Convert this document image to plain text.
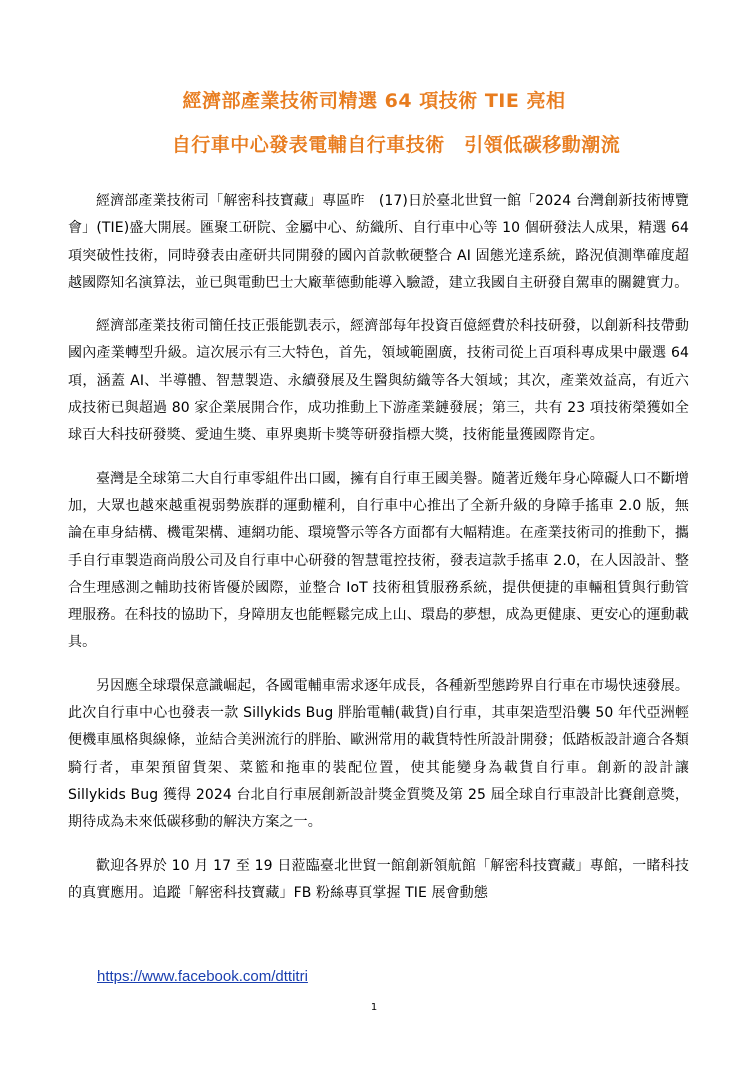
經濟部產業技術司精選 64 項技術 TIE 亮相
自行車中心發表電輔自行車技術　引領低碳移動潮流

經濟部產業技術司「解密科技寶藏」專區昨　(17)日於臺北世貿一館「2024 台灣創新技術博覽會」(TIE)盛大開展。匯聚工研院、金屬中心、紡織所、自行車中心等 10 個研發法人成果，精選 64 項突破性技術，同時發表由產研共同開發的國內首款軟硬整合 AI 固態光達系統，路況偵測準確度超越國際知名演算法，並已與電動巴士大廠華德動能導入驗證，建立我國自主研發自駕車的關鍵實力。

經濟部產業技術司簡任技正張能凱表示，經濟部每年投資百億經費於科技研發，以創新科技帶動國內產業轉型升級。這次展示有三大特色，首先，領域範圍廣，技術司從上百項科專成果中嚴選 64 項，涵蓋 AI、半導體、智慧製造、永續發展及生醫與紡織等各大領域；其次，產業效益高，有近六成技術已與超過 80 家企業展開合作，成功推動上下游產業鏈發展；第三，共有 23 項技術榮獲如全球百大科技研發獎、愛迪生獎、車界奧斯卡獎等研發指標大獎，技術能量獲國際肯定。

臺灣是全球第二大自行車零組件出口國，擁有自行車王國美譽。隨著近幾年身心障礙人口不斷增加，大眾也越來越重視弱勢族群的運動權利，自行車中心推出了全新升級的身障手搖車 2.0 版，無論在車身結構、機電架構、連網功能、環境警示等各方面都有大幅精進。在產業技術司的推動下，攜手自行車製造商尚殷公司及自行車中心研發的智慧電控技術，發表這款手搖車 2.0，在人因設計、整合生理感測之輔助技術皆優於國際，並整合 IoT 技術租賃服務系統，提供便捷的車輛租賃與行動管理服務。在科技的協助下，身障朋友也能輕鬆完成上山、環島的夢想，成為更健康、更安心的運動載具。

另因應全球環保意識崛起，各國電輔車需求逐年成長，各種新型態跨界自行車在市場快速發展。此次自行車中心也發表一款 Sillykids Bug 胖胎電輔(載貨)自行車，其車架造型沿襲 50 年代亞洲輕便機車風格與線條，並結合美洲流行的胖胎、歐洲常用的載貨特性所設計開發；低踏板設計適合各類騎行者，車架預留貨架、菜籃和拖車的裝配位置，使其能變身為載貨自行車。創新的設計讓 Sillykids Bug 獲得 2024 台北自行車展創新設計獎金質獎及第 25 屆全球自行車設計比賽創意獎，期待成為未來低碳移動的解決方案之一。

歡迎各界於 10 月 17 至 19 日蒞臨臺北世貿一館創新領航館「解密科技寶藏」專館，一睹科技的真實應用。追蹤「解密科技寶藏」FB 粉絲專頁掌握 TIE 展會動態

https://www.facebook.com/dttitri
1
